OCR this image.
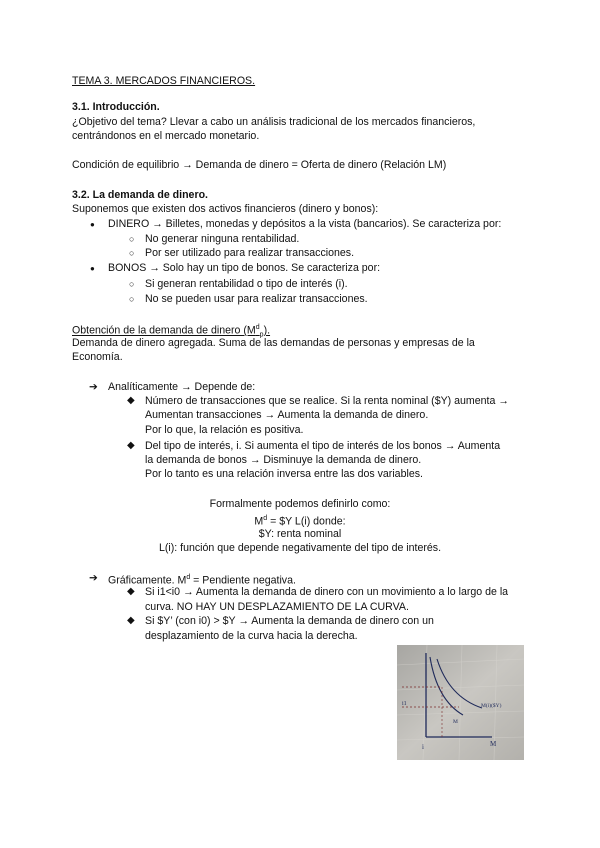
TEMA 3. MERCADOS FINANCIEROS.
3.1. Introducción.
¿Objetivo del tema? Llevar a cabo un análisis tradicional de los mercados financieros,
centrándonos en el mercado monetario.
Condición de equilibrio → Demanda de dinero = Oferta de dinero (Relación LM)
3.2. La demanda de dinero.
Suponemos que existen dos activos financieros (dinero y bonos):
● DINERO → Billetes, monedas y depósitos a la vista (bancarios). Se caracteriza por:
○ No generar ninguna rentabilidad.
○ Por ser utilizado para realizar transacciones.
● BONOS → Solo hay un tipo de bonos. Se caracteriza por:
○ Si generan rentabilidad o tipo de interés (i).
○ No se pueden usar para realizar transacciones.
Obtención de la demanda de dinero $(M^d_p)$.
Demanda de dinero agregada. Suma de las demandas de personas y empresas de la
Economía.
➔ Analíticamente → Depende de:
◆ Número de transacciones que se realice. Si la renta nominal ($Y) aumenta →
Aumentan transacciones → Aumenta la demanda de dinero.
Por lo que, la relación es positiva.
◆ Del tipo de interés, i. Si aumenta el tipo de interés de los bonos → Aumenta
la demanda de bonos → Disminuye la demanda de dinero.
Por lo tanto es una relación inversa entre las dos variables.
Formalmente podemos definirlo como:
$M^d$ = $Y L(i) donde:
$Y: renta nominal
L(i): función que depende negativamente del tipo de interés.
➔ Gráficamente. $M^d$ = Pendiente negativa.
◆ Si i1<i0 → Aumenta la demanda de dinero con un movimiento a lo largo de la
curva. NO HAY UN DESPLAZAMIENTO DE LA CURVA.
◆ Si $Y’ (con i0) > $Y → Aumenta la demanda de dinero con un
desplazamiento de la curva hacia la derecha.
i	M
i1
M
M(i)($Y)
